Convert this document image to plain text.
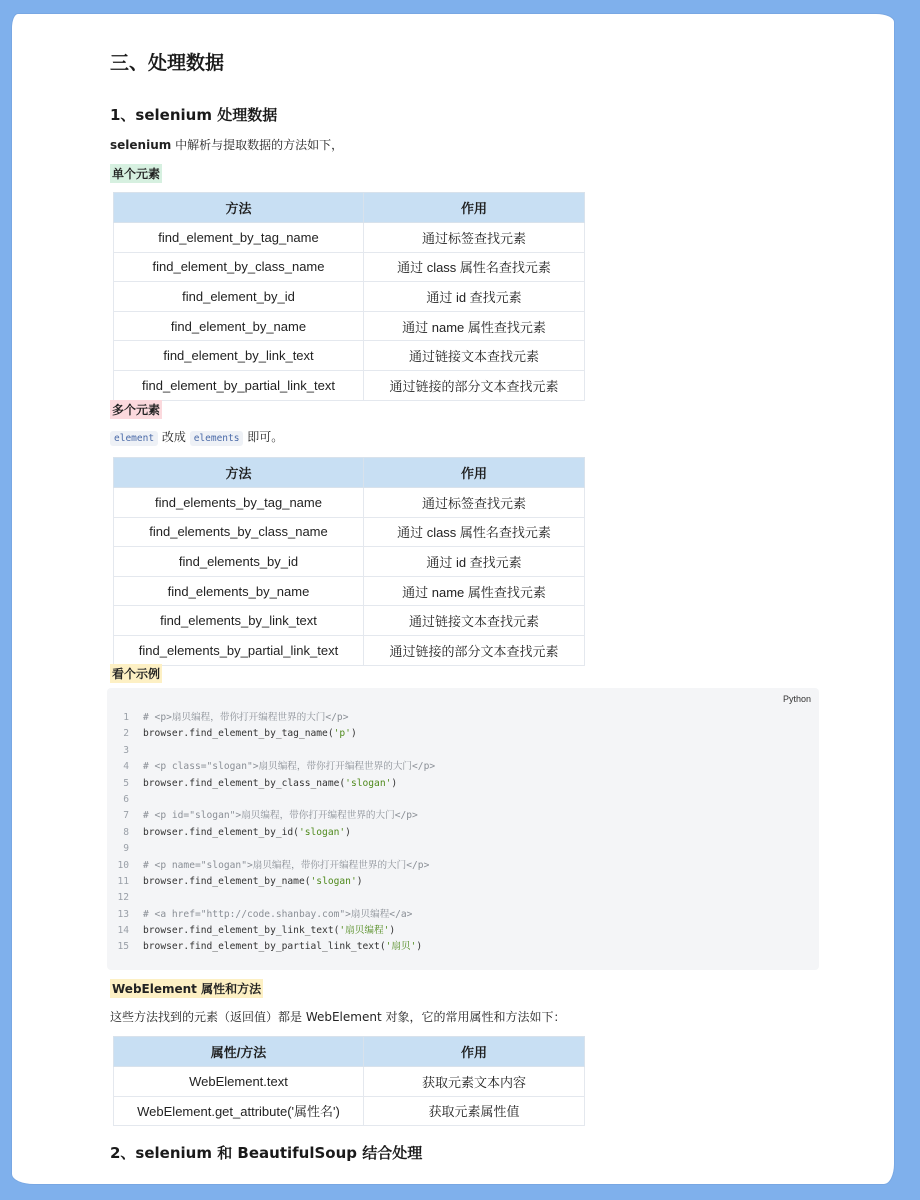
三、处理数据
1、selenium 处理数据

selenium 中解析与提取数据的方法如下，

单个元素
方法	作用
find_element_by_tag_name	通过标签查找元素
find_element_by_class_name	通过 class 属性名查找元素
find_element_by_id	通过 id 查找元素
find_element_by_name	通过 name 属性查找元素
find_element_by_link_text	通过链接文本查找元素
find_element_by_partial_link_text	通过链接的部分文本查找元素
多个元素

element 改成 elements 即可。

方法	作用
find_elements_by_tag_name	通过标签查找元素
find_elements_by_class_name	通过 class 属性名查找元素
find_elements_by_id	通过 id 查找元素
find_elements_by_name	通过 name 属性查找元素
find_elements_by_link_text	通过链接文本查找元素
find_elements_by_partial_link_text	通过链接的部分文本查找元素
看个示例
Python
1	# <p>扇贝编程，带你打开编程世界的大门</p>
2	browser.find_element_by_tag_name('p')
3
4	# <p class="slogan">扇贝编程，带你打开编程世界的大门</p>
5	browser.find_element_by_class_name('slogan')
6
7	# <p id="slogan">扇贝编程，带你打开编程世界的大门</p>
8	browser.find_element_by_id('slogan')
9
10	# <p name="slogan">扇贝编程，带你打开编程世界的大门</p>
11	browser.find_element_by_name('slogan')
12
13	# <a href="http://code.shanbay.com">扇贝编程</a>
14	browser.find_element_by_link_text('扇贝编程')
15	browser.find_element_by_partial_link_text('扇贝')
WebElement 属性和方法

这些方法找到的元素（返回值）都是 WebElement 对象，它的常用属性和方法如下：

属性/方法	作用
WebElement.text	获取元素文本内容
WebElement.get_attribute('属性名')	获取元素属性值
2、selenium 和 BeautifulSoup 结合处理
